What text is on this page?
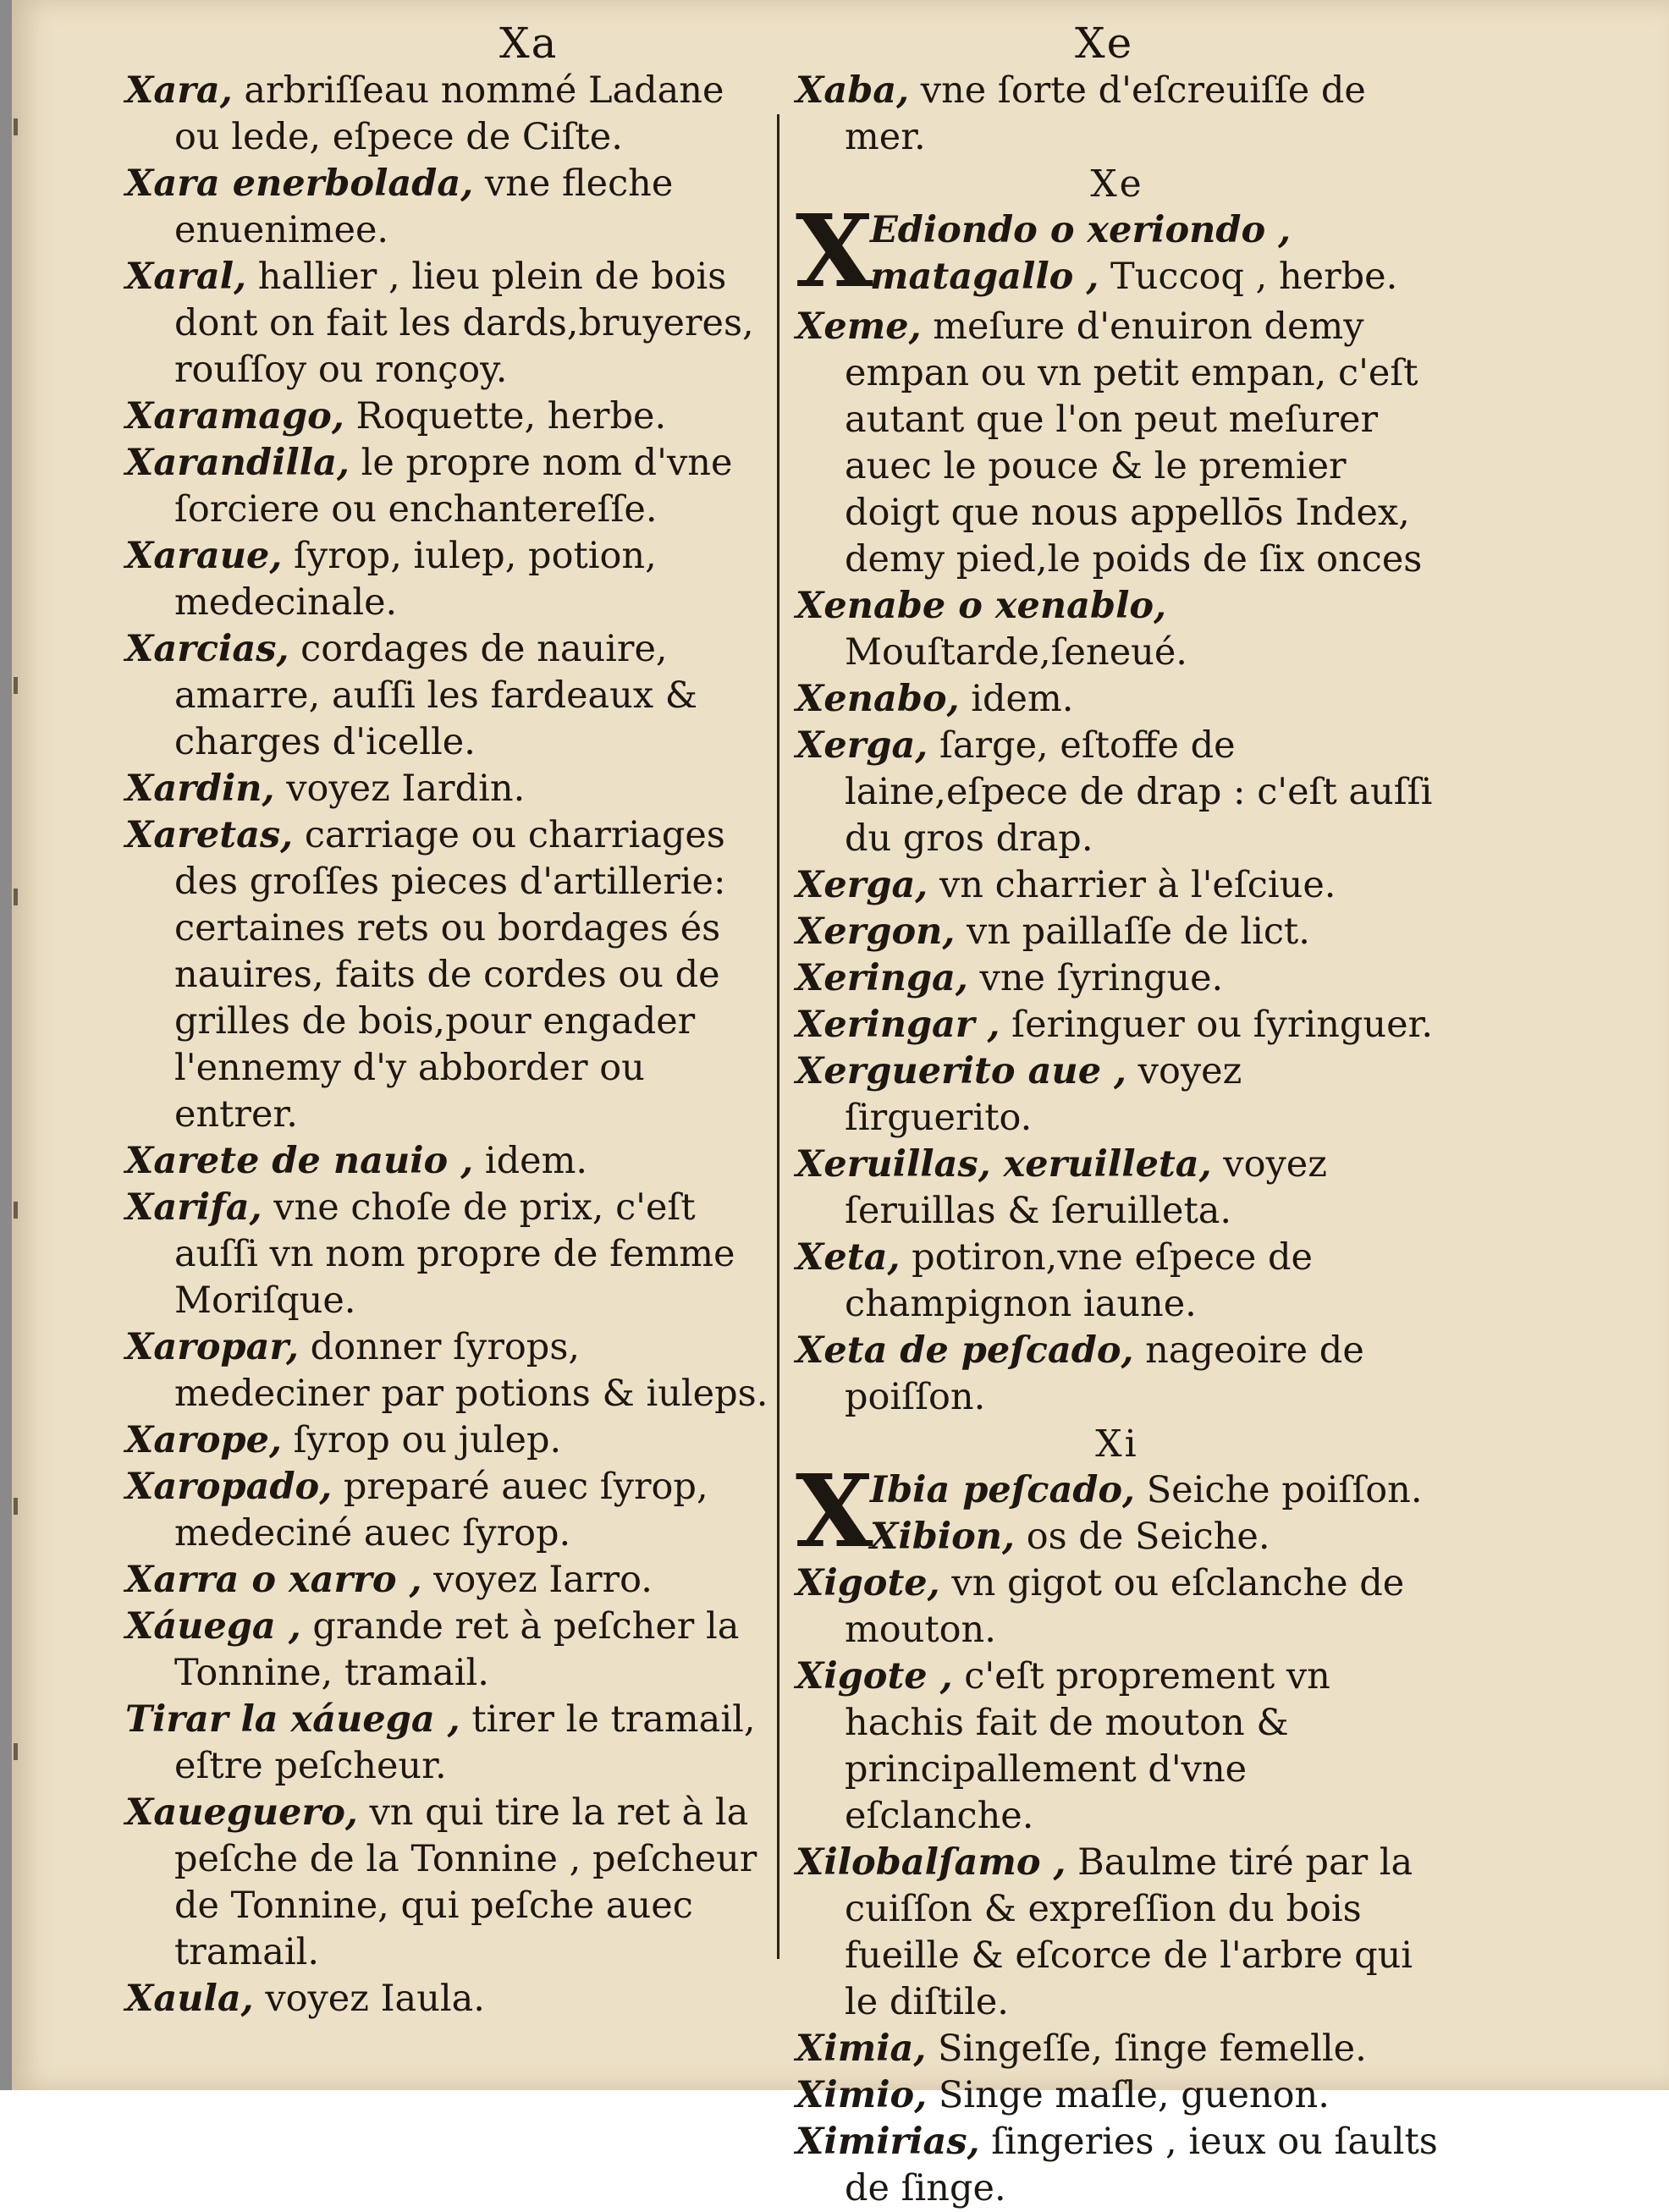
Xa	Xe

Xara, arbriſſeau nommé Ladane ou lede, eſpece de Ciſte.

Xara enerbolada, vne fleche enuenimee.

Xaral, hallier , lieu plein de bois dont on fait les dards,bruyeres, rouſſoy ou ronçoy.

Xaramago, Roquette, herbe.

Xarandilla, le propre nom d'vne ſorciere ou enchantereſſe.

Xaraue, ſyrop, iulep, potion, medecinale.

Xarcias, cordages de nauire, amarre, auſſi les fardeaux & charges d'icelle.

Xardin, voyez Iardin.

Xaretas, carriage ou charriages des groſſes pieces d'artillerie: certaines rets ou bordages és nauires, faits de cordes ou de grilles de bois,pour engader l'ennemy d'y abborder ou entrer.

Xarete de nauio , idem.

Xarifa, vne choſe de prix, c'eſt auſſi vn nom propre de femme Moriſque.

Xaropar, donner ſyrops, medeciner par potions & iuleps.

Xarope, ſyrop ou julep.

Xaropado, preparé auec ſyrop, medeciné auec ſyrop.

Xarra o xarro , voyez Iarro.

Xáuega , grande ret à peſcher la Tonnine, tramail.

Tirar la xáuega , tirer le tramail, eſtre peſcheur.

Xaueguero, vn qui tire la ret à la peſche de la Tonnine , peſcheur de Tonnine, qui peſche auec tramail.

Xaula, voyez Iaula.

Xaba, vne ſorte d'eſcreuiſſe de mer.

Xe

X
Ediondo o xeriondo , matagallo , Tuccoq , herbe.

Xeme, meſure d'enuiron demy empan ou vn petit empan, c'eſt autant que l'on peut meſurer auec le pouce & le premier doigt que nous appellōs Index, demy pied,le poids de ſix onces

Xenabe o xenablo, Mouſtarde,ſeneué.

Xenabo, idem.

Xerga, ſarge, eſtoffe de laine,eſpece de drap : c'eſt auſſi du gros drap.

Xerga, vn charrier à l'eſciue.

Xergon, vn paillaſſe de lict.

Xeringa, vne ſyringue.

Xeringar , ſeringuer ou ſyringuer.

Xerguerito aue , voyez ſirguerito.

Xeruillas, xeruilleta, voyez ſeruillas & ſeruilleta.

Xeta, potiron,vne eſpece de champignon iaune.

Xeta de peſcado, nageoire de poiſſon.

Xi

X
Ibia peſcado, Seiche poiſſon.
Xibion, os de Seiche.

Xigote, vn gigot ou eſclanche de mouton.

Xigote , c'eſt proprement vn hachis fait de mouton & principallement d'vne eſclanche.

Xilobalſamo , Baulme tiré par la cuiſſon & expreſſion du bois fueille & eſcorce de l'arbre qui le diſtile.

Ximia, Singeſſe, ſinge femelle.

Ximio, Singe maſle, guenon.

Ximirias, ſingeries , ieux ou ſaults de ſinge.
